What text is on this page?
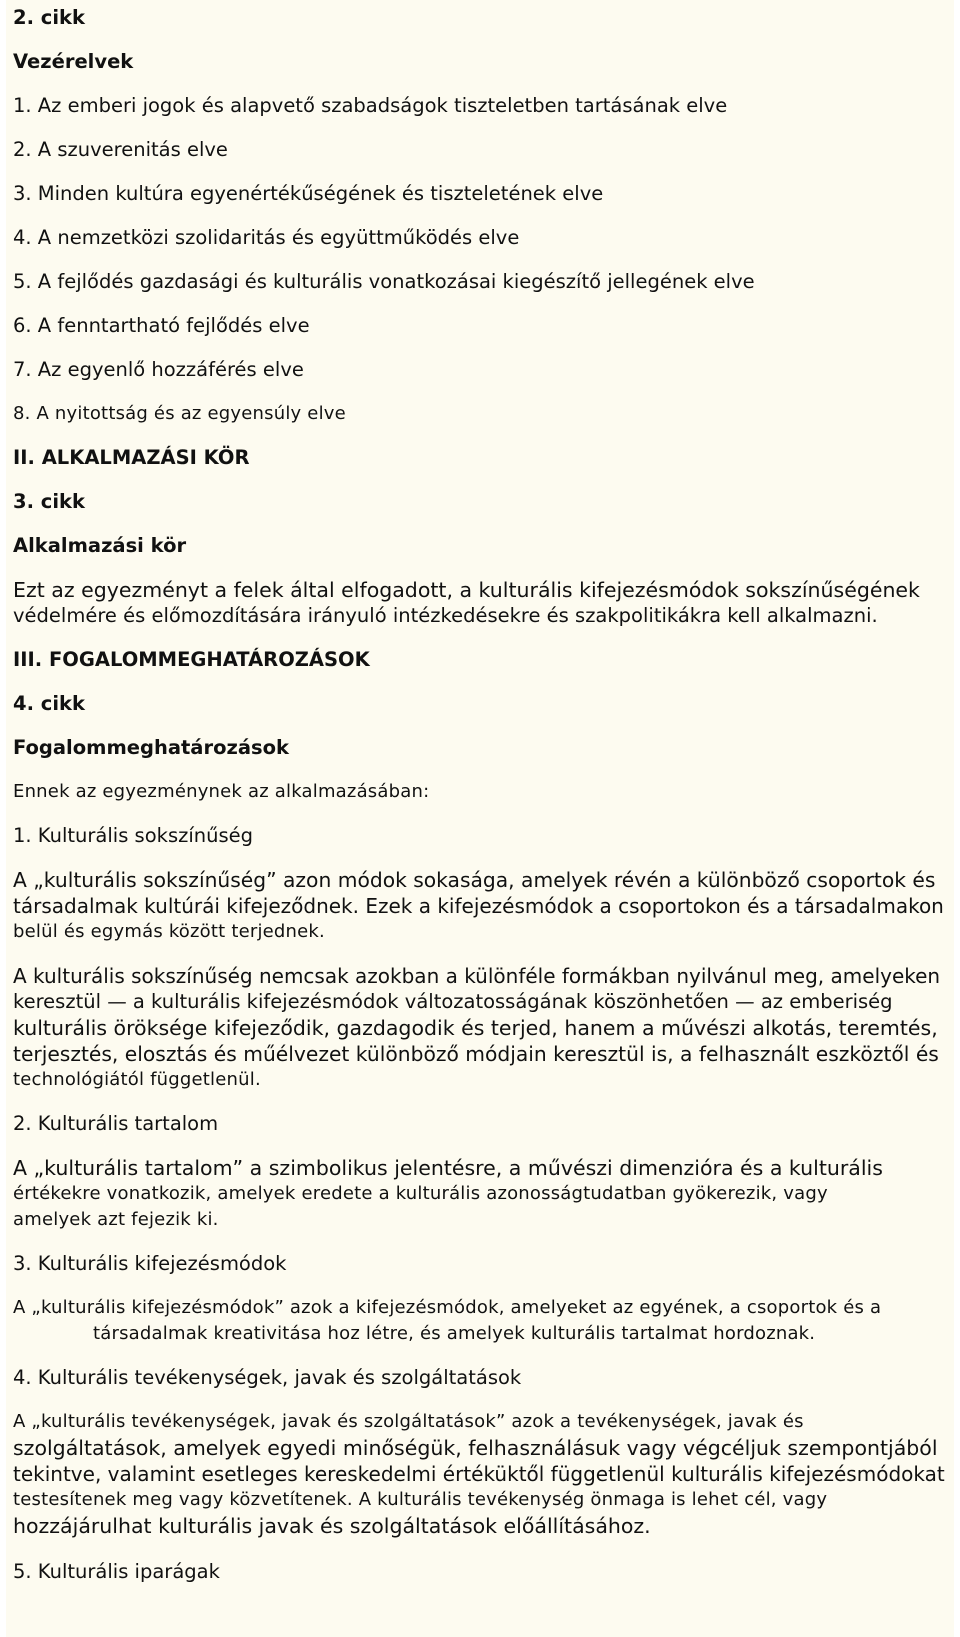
2. cikk
Vezérelvek
1. Az emberi jogok és alapvető szabadságok tiszteletben tartásának elve
2. A szuverenitás elve
3. Minden kultúra egyenértékűségének és tiszteletének elve
4. A nemzetközi szolidaritás és együttműködés elve
5. A fejlődés gazdasági és kulturális vonatkozásai kiegészítő jellegének elve
6. A fenntartható fejlődés elve
7. Az egyenlő hozzáférés elve
8. A nyitottság és az egyensúly elve
II. ALKALMAZÁSI KÖR
3. cikk
Alkalmazási kör
Ezt az egyezményt a felek által elfogadott, a kulturális kifejezésmódok sokszínűségének
védelmére és előmozdítására irányuló intézkedésekre és szakpolitikákra kell alkalmazni.
III. FOGALOMMEGHATÁROZÁSOK
4. cikk
Fogalommeghatározások
Ennek az egyezménynek az alkalmazásában:
1. Kulturális sokszínűség
A „kulturális sokszínűség” azon módok sokasága, amelyek révén a különböző csoportok és
társadalmak kultúrái kifejeződnek. Ezek a kifejezésmódok a csoportokon és a társadalmakon
belül és egymás között terjednek.
A kulturális sokszínűség nemcsak azokban a különféle formákban nyilvánul meg, amelyeken
keresztül — a kulturális kifejezésmódok változatosságának köszönhetően — az emberiség
kulturális öröksége kifejeződik, gazdagodik és terjed, hanem a művészi alkotás, teremtés,
terjesztés, elosztás és műélvezet különböző módjain keresztül is, a felhasznált eszköztől és
technológiától függetlenül.
2. Kulturális tartalom
A „kulturális tartalom” a szimbolikus jelentésre, a művészi dimenzióra és a kulturális
értékekre vonatkozik, amelyek eredete a kulturális azonosságtudatban gyökerezik, vagy
amelyek azt fejezik ki.
3. Kulturális kifejezésmódok
A „kulturális kifejezésmódok” azok a kifejezésmódok, amelyeket az egyének, a csoportok és a
társadalmak kreativitása hoz létre, és amelyek kulturális tartalmat hordoznak.
4. Kulturális tevékenységek, javak és szolgáltatások
A „kulturális tevékenységek, javak és szolgáltatások” azok a tevékenységek, javak és
szolgáltatások, amelyek egyedi minőségük, felhasználásuk vagy végcéljuk szempontjából
tekintve, valamint esetleges kereskedelmi értéküktől függetlenül kulturális kifejezésmódokat
testesítenek meg vagy közvetítenek. A kulturális tevékenység önmaga is lehet cél, vagy
hozzájárulhat kulturális javak és szolgáltatások előállításához.
5. Kulturális iparágak
